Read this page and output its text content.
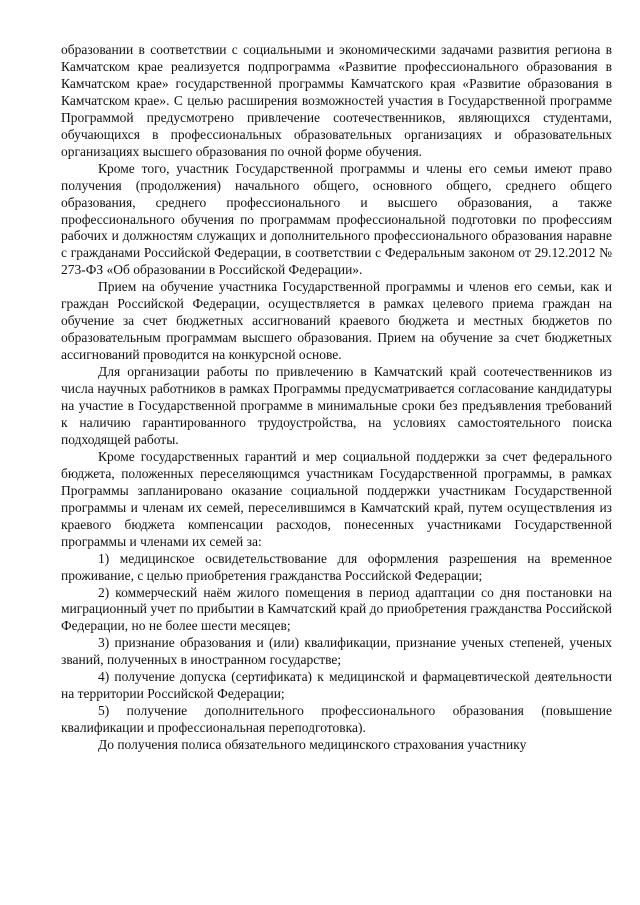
образовании в соответствии с социальными и экономическими задачами развития региона в Камчатском крае реализуется подпрограмма «Развитие профессионального образования в Камчатском крае» государственной программы Камчатского края «Развитие образования в Камчатском крае». С целью расширения возможностей участия в Государственной программе Программой предусмотрено привлечение соотечественников, являющихся студентами, обучающихся в профессиональных образовательных организациях и образовательных организациях высшего образования по очной форме обучения.

Кроме того, участник Государственной программы и члены его семьи имеют право получения (продолжения) начального общего, основного общего, среднего общего образования, среднего профессионального и высшего образования, а также профессионального обучения по программам профессиональной подготовки по профессиям рабочих и должностям служащих и дополнительного профессионального образования наравне с гражданами Российской Федерации, в соответствии с Федеральным законом от 29.12.2012 № 273-ФЗ «Об образовании в Российской Федерации».

Прием на обучение участника Государственной программы и членов его семьи, как и граждан Российской Федерации, осуществляется в рамках целевого приема граждан на обучение за счет бюджетных ассигнований краевого бюджета и местных бюджетов по образовательным программам высшего образования. Прием на обучение за счет бюджетных ассигнований проводится на конкурсной основе.

Для организации работы по привлечению в Камчатский край соотечественников из числа научных работников в рамках Программы предусматривается согласование кандидатуры на участие в Государственной программе в минимальные сроки без предъявления требований к наличию гарантированного трудоустройства, на условиях самостоятельного поиска подходящей работы.

Кроме государственных гарантий и мер социальной поддержки за счет федерального бюджета, положенных переселяющимся участникам Государственной программы, в рамках Программы запланировано оказание социальной поддержки участникам Государственной программы и членам их семей, переселившимся в Камчатский край, путем осуществления из краевого бюджета компенсации расходов, понесенных участниками Государственной программы и членами их семей за:

1) медицинское освидетельствование для оформления разрешения на временное проживание, с целью приобретения гражданства Российской Федерации;

2) коммерческий наём жилого помещения в период адаптации со дня постановки на миграционный учет по прибытии в Камчатский край до приобретения гражданства Российской Федерации, но не более шести месяцев;

3) признание образования и (или) квалификации, признание ученых степеней, ученых званий, полученных в иностранном государстве;

4) получение допуска (сертификата) к медицинской и фармацевтической деятельности на территории Российской Федерации;

5) получение дополнительного профессионального образования (повышение квалификации и профессиональная переподготовка).

До получения полиса обязательного медицинского страхования участнику
